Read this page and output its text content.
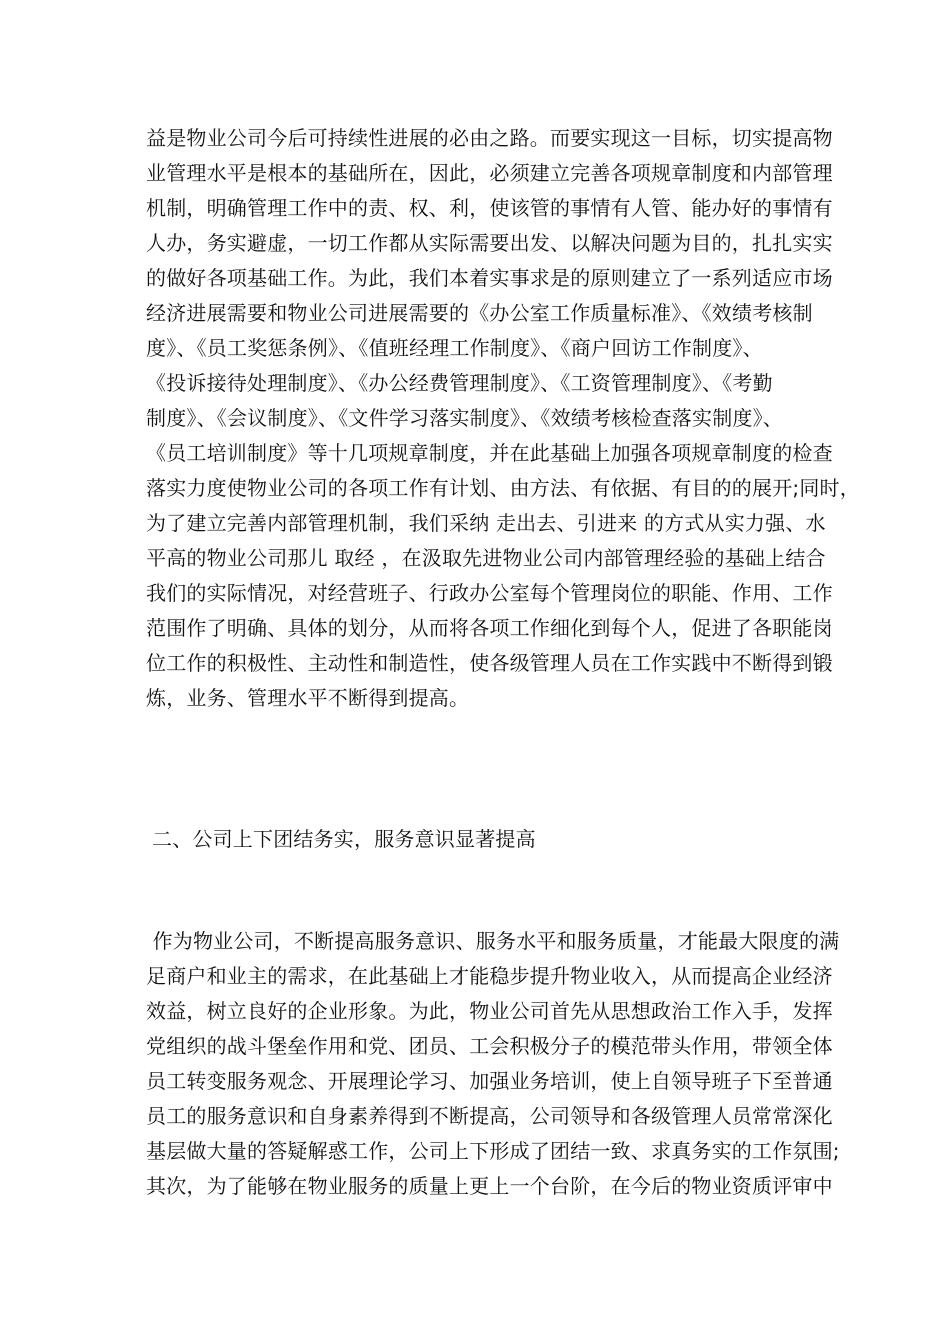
益是物业公司今后可持续性进展的必由之路。而要实现这一目标，切实提高物
业管理水平是根本的基础所在，因此，必须建立完善各项规章制度和内部管理
机制，明确管理工作中的责、权、利，使该管的事情有人管、能办好的事情有
人办，务实避虚，一切工作都从实际需要出发、以解决问题为目的，扎扎实实
的做好各项基础工作。为此，我们本着实事求是的原则建立了一系列适应市场
经济进展需要和物业公司进展需要的《办公室工作质量标准》、《效绩考核制
度》、《员工奖惩条例》、《值班经理工作制度》、《商户回访工作制度》、
《投诉接待处理制度》、《办公经费管理制度》、《工资管理制度》、《考勤
制度》、《会议制度》、《文件学习落实制度》、《效绩考核检查落实制度》、
《员工培训制度》等十几项规章制度，并在此基础上加强各项规章制度的检查
落实力度使物业公司的各项工作有计划、由方法、有依据、有目的的展开;同时，
为了建立完善内部管理机制，我们采纳 走出去、引进来 的方式从实力强、水
平高的物业公司那儿 取经 ，在汲取先进物业公司内部管理经验的基础上结合
我们的实际情况，对经营班子、行政办公室每个管理岗位的职能、作用、工作
范围作了明确、具体的划分，从而将各项工作细化到每个人，促进了各职能岗
位工作的积极性、主动性和制造性，使各级管理人员在工作实践中不断得到锻
炼，业务、管理水平不断得到提高。
二、公司上下团结务实，服务意识显著提高
作为物业公司，不断提高服务意识、服务水平和服务质量，才能最大限度的满
足商户和业主的需求，在此基础上才能稳步提升物业收入，从而提高企业经济
效益，树立良好的企业形象。为此，物业公司首先从思想政治工作入手，发挥
党组织的战斗堡垒作用和党、团员、工会积极分子的模范带头作用，带领全体
员工转变服务观念、开展理论学习、加强业务培训，使上自领导班子下至普通
员工的服务意识和自身素养得到不断提高，公司领导和各级管理人员常常深化
基层做大量的答疑解惑工作，公司上下形成了团结一致、求真务实的工作氛围;
其次，为了能够在物业服务的质量上更上一个台阶，在今后的物业资质评审中
